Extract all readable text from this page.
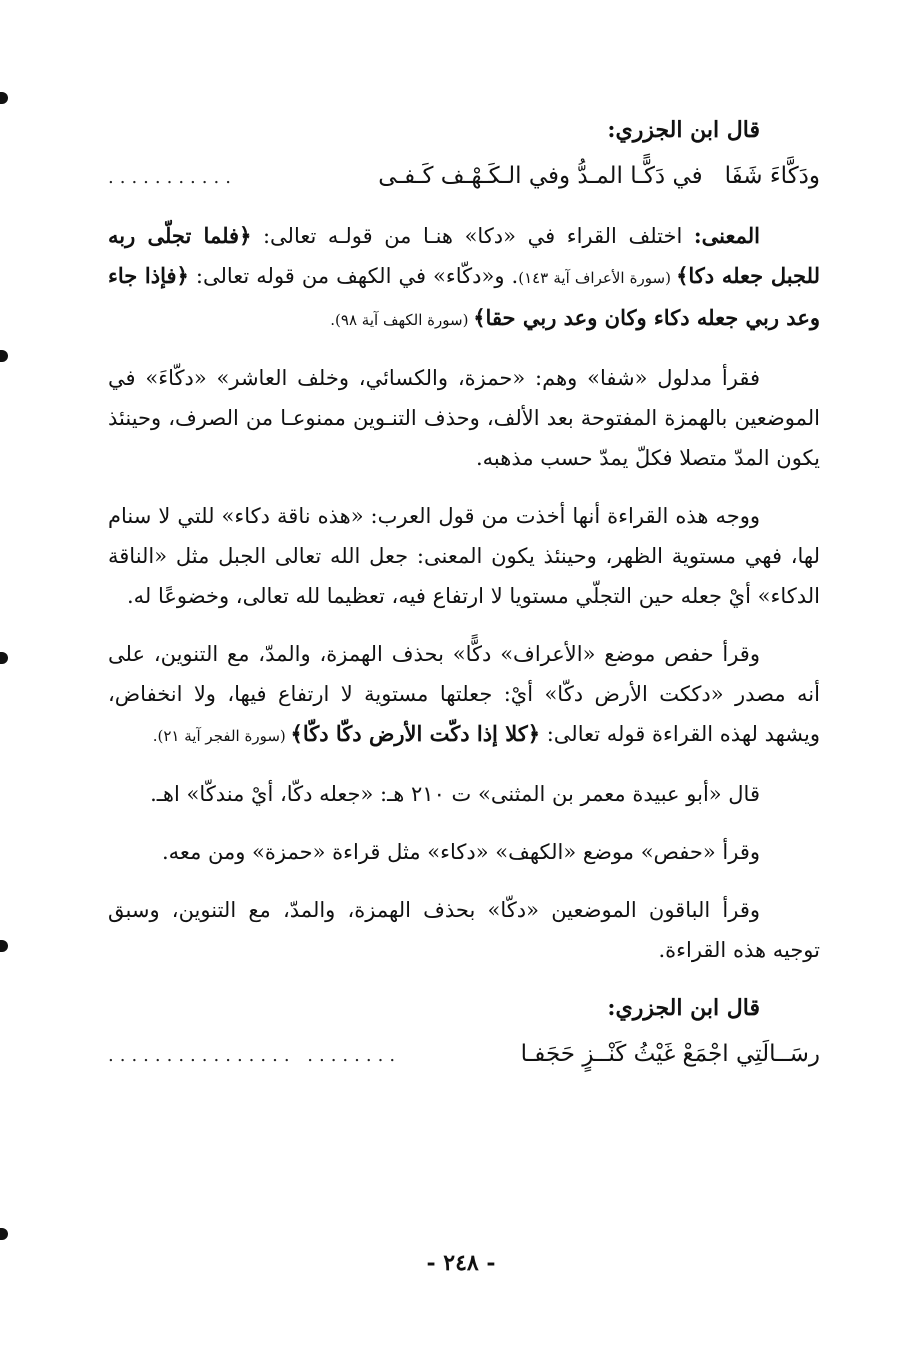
قال ابن الجزري:

ودَكَّاءَ شَفَافي دَكًّـا المـدُّ وفي الـكَـهْـف كَـفـى
...........

المعنى: اختلف القراء في «دكا» هنـا من قولـه تعالى: ﴿فلما تجلّى ربه للجبل جعله دكا﴾ (سورة الأعراف آية ١٤٣). و«دكّاء» في الكهف من قوله تعالى: ﴿فإذا جاء وعد ربي جعله دكاء وكان وعد ربي حقا﴾ (سورة الكهف آية ٩٨).

فقرأ مدلول «شفا» وهم: «حمزة، والكسائي، وخلف العاشر» «دكّاءَ» في الموضعين بالهمزة المفتوحة بعد الألف، وحذف التنـوين ممنوعـا من الصرف، وحينئذ يكون المدّ متصلا فكلّ يمدّ حسب مذهبه.

ووجه هذه القراءة أنها أخذت من قول العرب: «هذه ناقة دكاء» للتي لا سنام لها، فهي مستوية الظهر، وحينئذ يكون المعنى: جعل الله تعالى الجبل مثل «الناقة الدكاء» أيْ جعله حين التجلّي مستويا لا ارتفاع فيه، تعظيما لله تعالى، وخضوعًا له.

وقرأ حفص موضع «الأعراف» دكًّا» بحذف الهمزة، والمدّ، مع التنوين، على أنه مصدر «دككت الأرض دكّا» أيْ: جعلتها مستوية لا ارتفاع فيها، ولا انخفاض، ويشهد لهذه القراءة قوله تعالى: ﴿كلا إذا دكّت الأرض دكّا دكّا﴾ (سورة الفجر آية ٢١).

قال «أبو عبيدة معمر بن المثنى» ت ٢١٠ هـ: «جعله دكّا، أيْ مندكّا» اهـ.

وقرأ «حفص» موضع «الكهف» «دكاء» مثل قراءة «حمزة» ومن معه.

وقرأ الباقون الموضعين «دكّا» بحذف الهمزة، والمدّ، مع التنوين، وسبق توجيه هذه القراءة.

قال ابن الجزري:

رسَــالَتِي اجْمَعْ غَيْثُ كَنْــزٍ حَجَفـا
................ ........
- ٢٤٨ -
